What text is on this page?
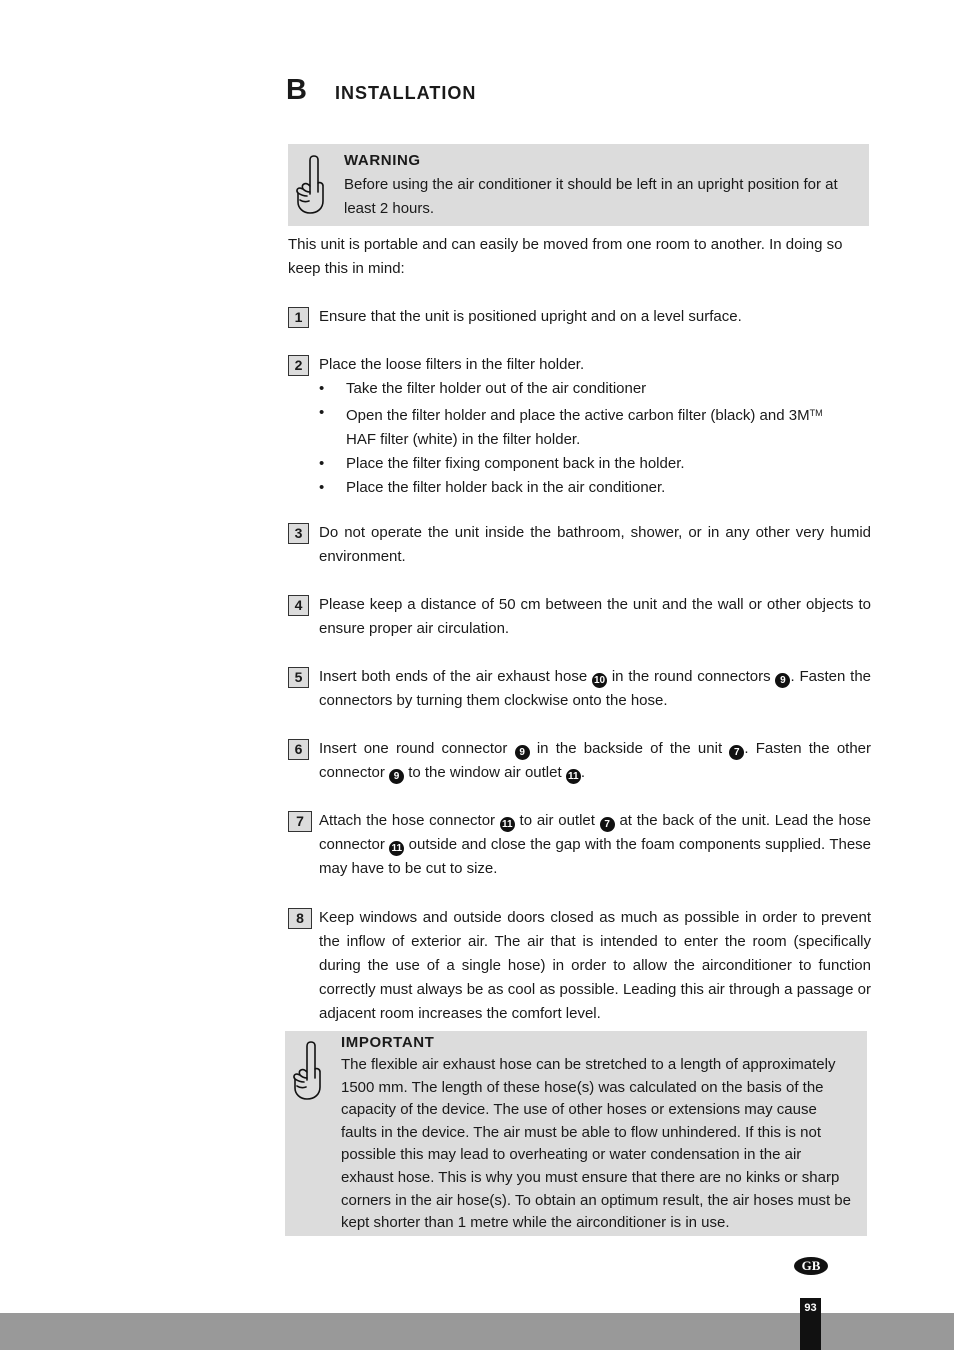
B	INSTALLATION
WARNING
Before using the air conditioner it should be left in an upright position for at least 2 hours.
This unit is portable and can easily be moved from one room to another. In doing so keep this in mind:
1	Ensure that the unit is positioned upright and on a level surface.
2	Place the loose filters in the filter holder.
• Take the filter holder out of the air conditioner
• Open the filter holder and place the active carbon filter (black) and 3M™
HAF filter (white) in the filter holder.
• Place the filter fixing component back in the holder.
• Place the filter holder back in the air conditioner.
3	Do not operate the unit inside the bathroom, shower, or in any other very humid environment.
4	Please keep a distance of 50 cm between the unit and the wall or other objects to ensure proper air circulation.
5	Insert both ends of the air exhaust hose 10 in the round connectors 9 . Fasten the connectors by turning them clockwise onto the hose.
6	Insert one round connector 9 in the backside of the unit 7 . Fasten the other connector 9 to the window air outlet 11 .
7	Attach the hose connector 11 to air outlet 7 at the back of the unit. Lead the hose connector 11 outside and close the gap with the foam components supplied. These may have to be cut to size.
8	Keep windows and outside doors closed as much as possible in order to prevent the inflow of exterior air. The air that is intended to enter the room (specifically during the use of a single hose) in order to allow the airconditioner to function correctly must always be as cool as possible. Leading this air through a passage or adjacent room increases the comfort level.
IMPORTANT
The flexible air exhaust hose can be stretched to a length of approximately 1500 mm. The length of these hose(s) was calculated on the basis of the capacity of the device. The use of other hoses or extensions may cause faults in the device. The air must be able to flow unhindered. If this is not possible this may lead to overheating or water condensation in the air exhaust hose. This is why you must ensure that there are no kinks or sharp corners in the air hose(s). To obtain an optimum result, the air hoses must be kept shorter than 1 metre while the airconditioner is in use.
GB
93
